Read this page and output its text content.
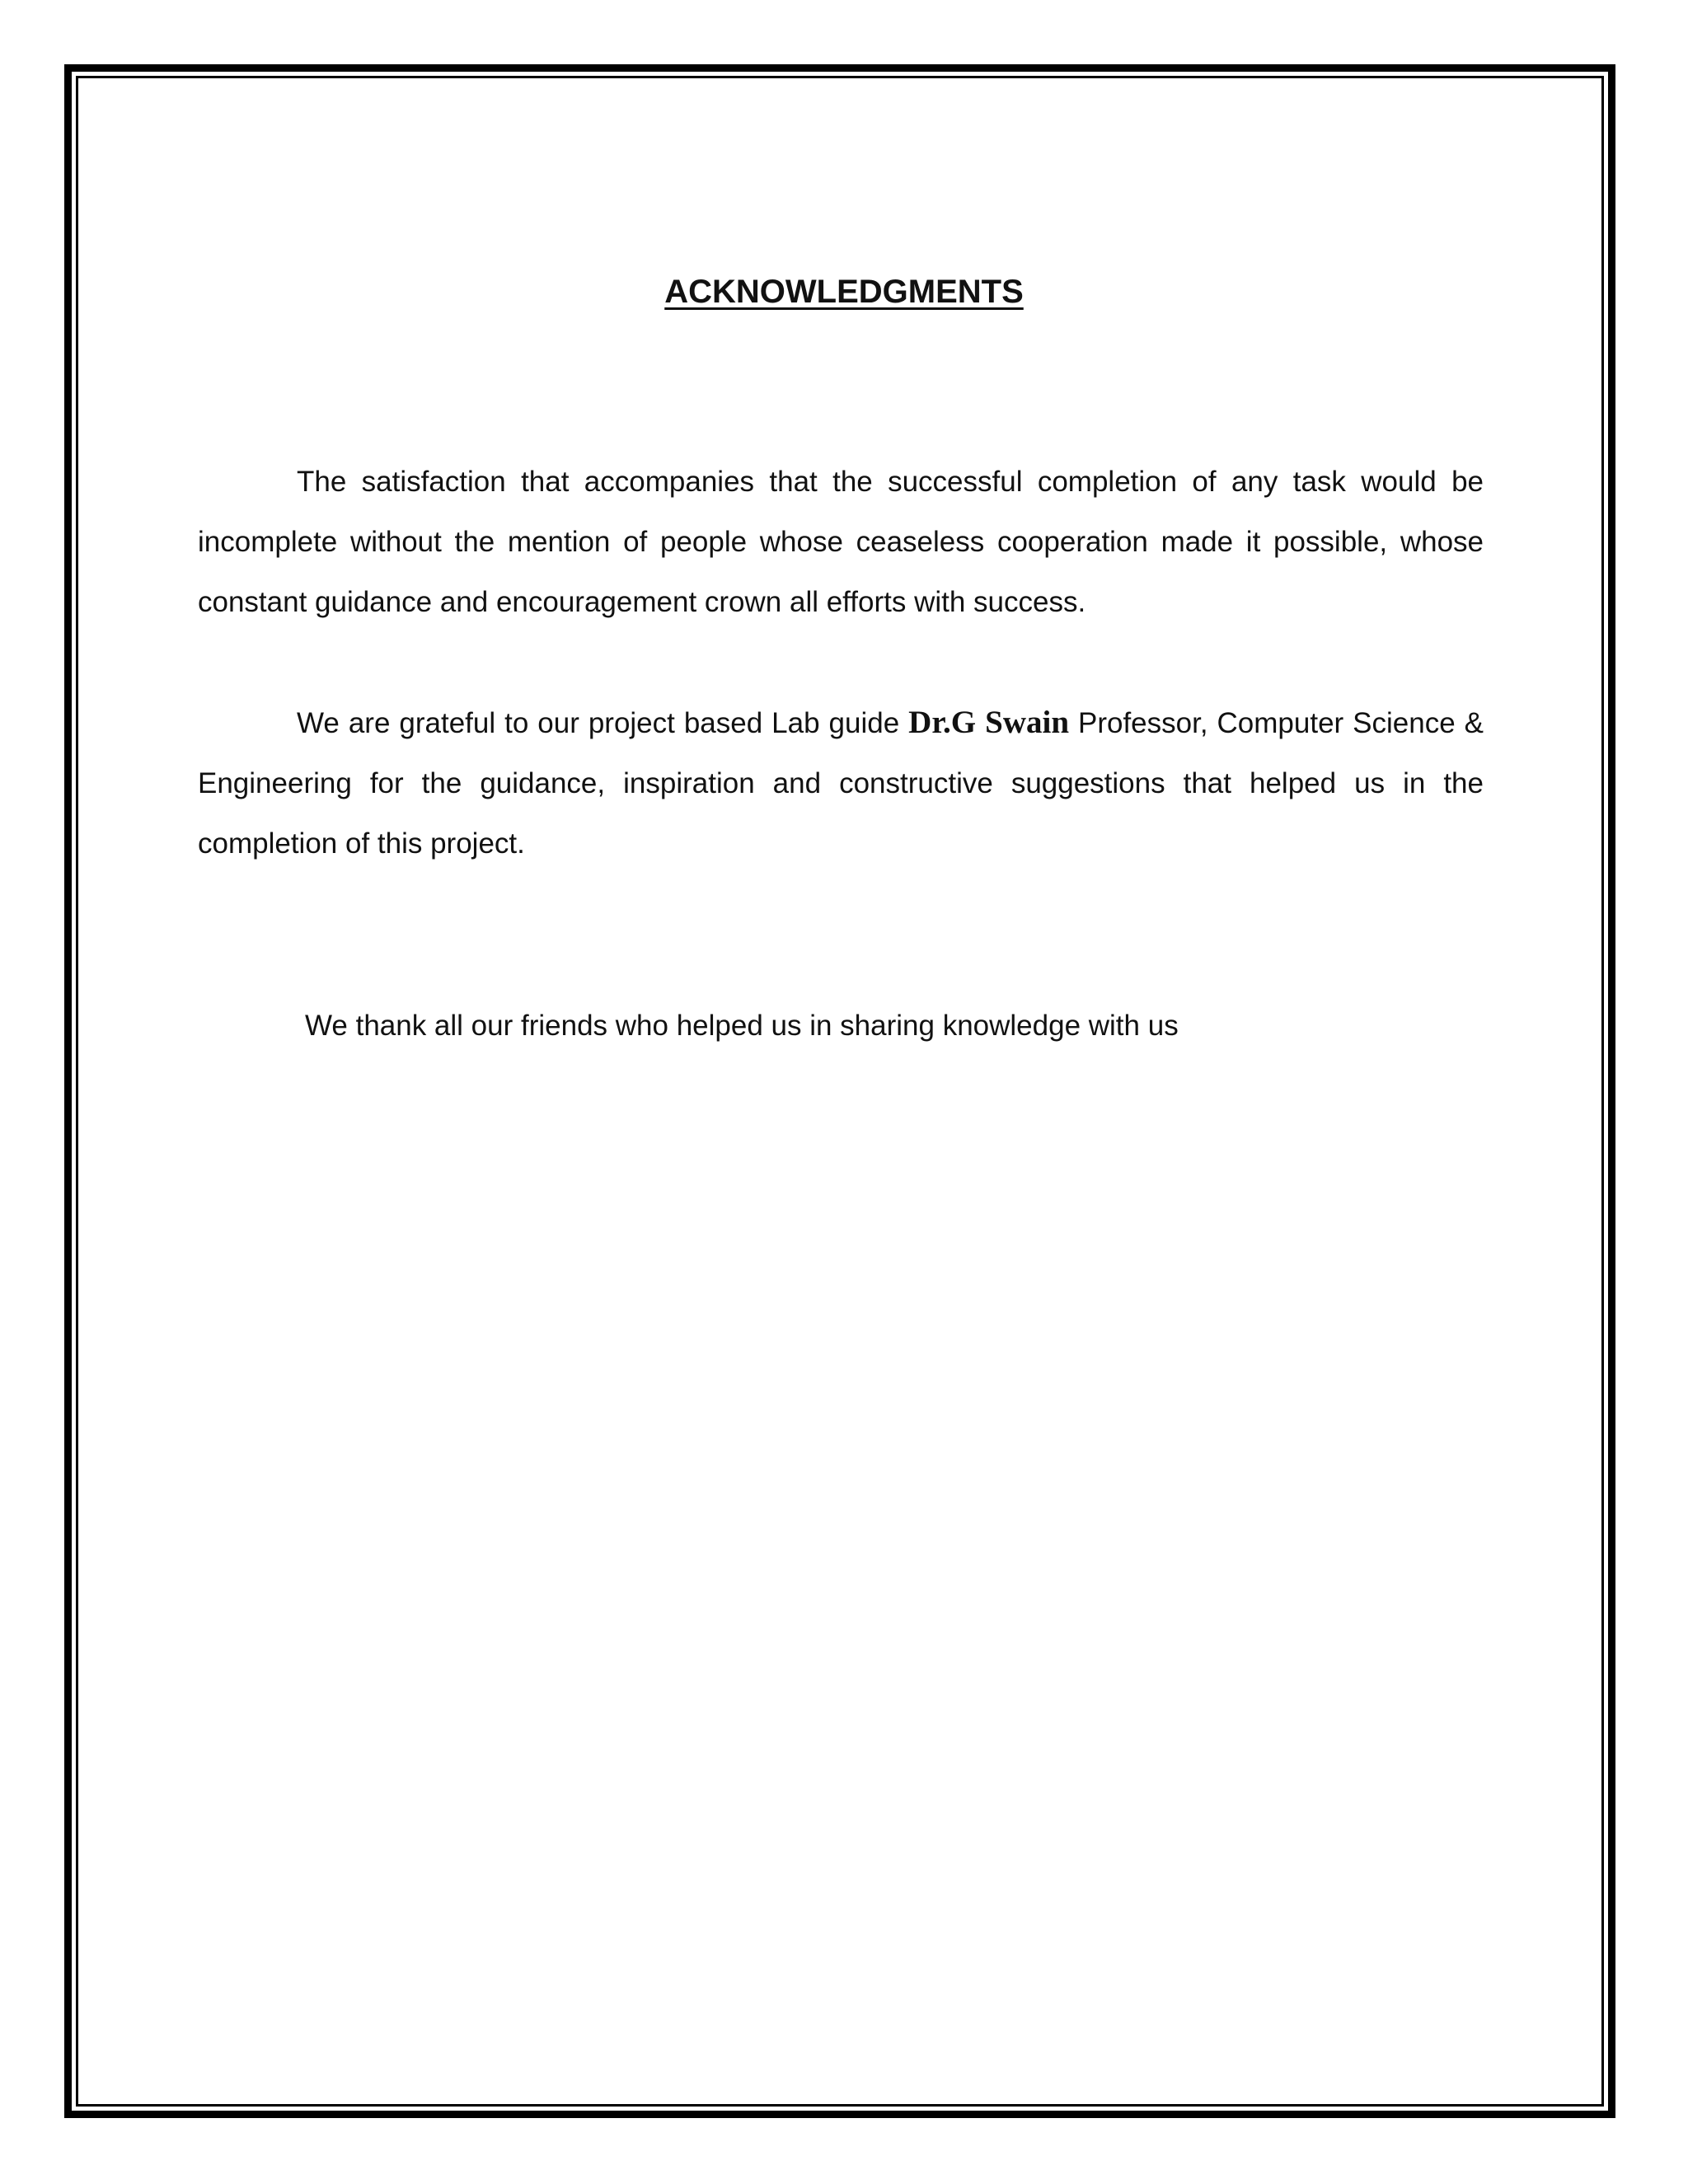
ACKNOWLEDGMENTS

The satisfaction that accompanies that the successful completion of any task would be incomplete without the mention of people whose ceaseless cooperation made it possible, whose constant guidance and encouragement crown all efforts with success.

We are grateful to our project based Lab guide Dr.G Swain Professor, Computer Science & Engineering for the guidance, inspiration and constructive suggestions that helped us in the completion of this project.

We thank all our friends who helped us in sharing knowledge with us
